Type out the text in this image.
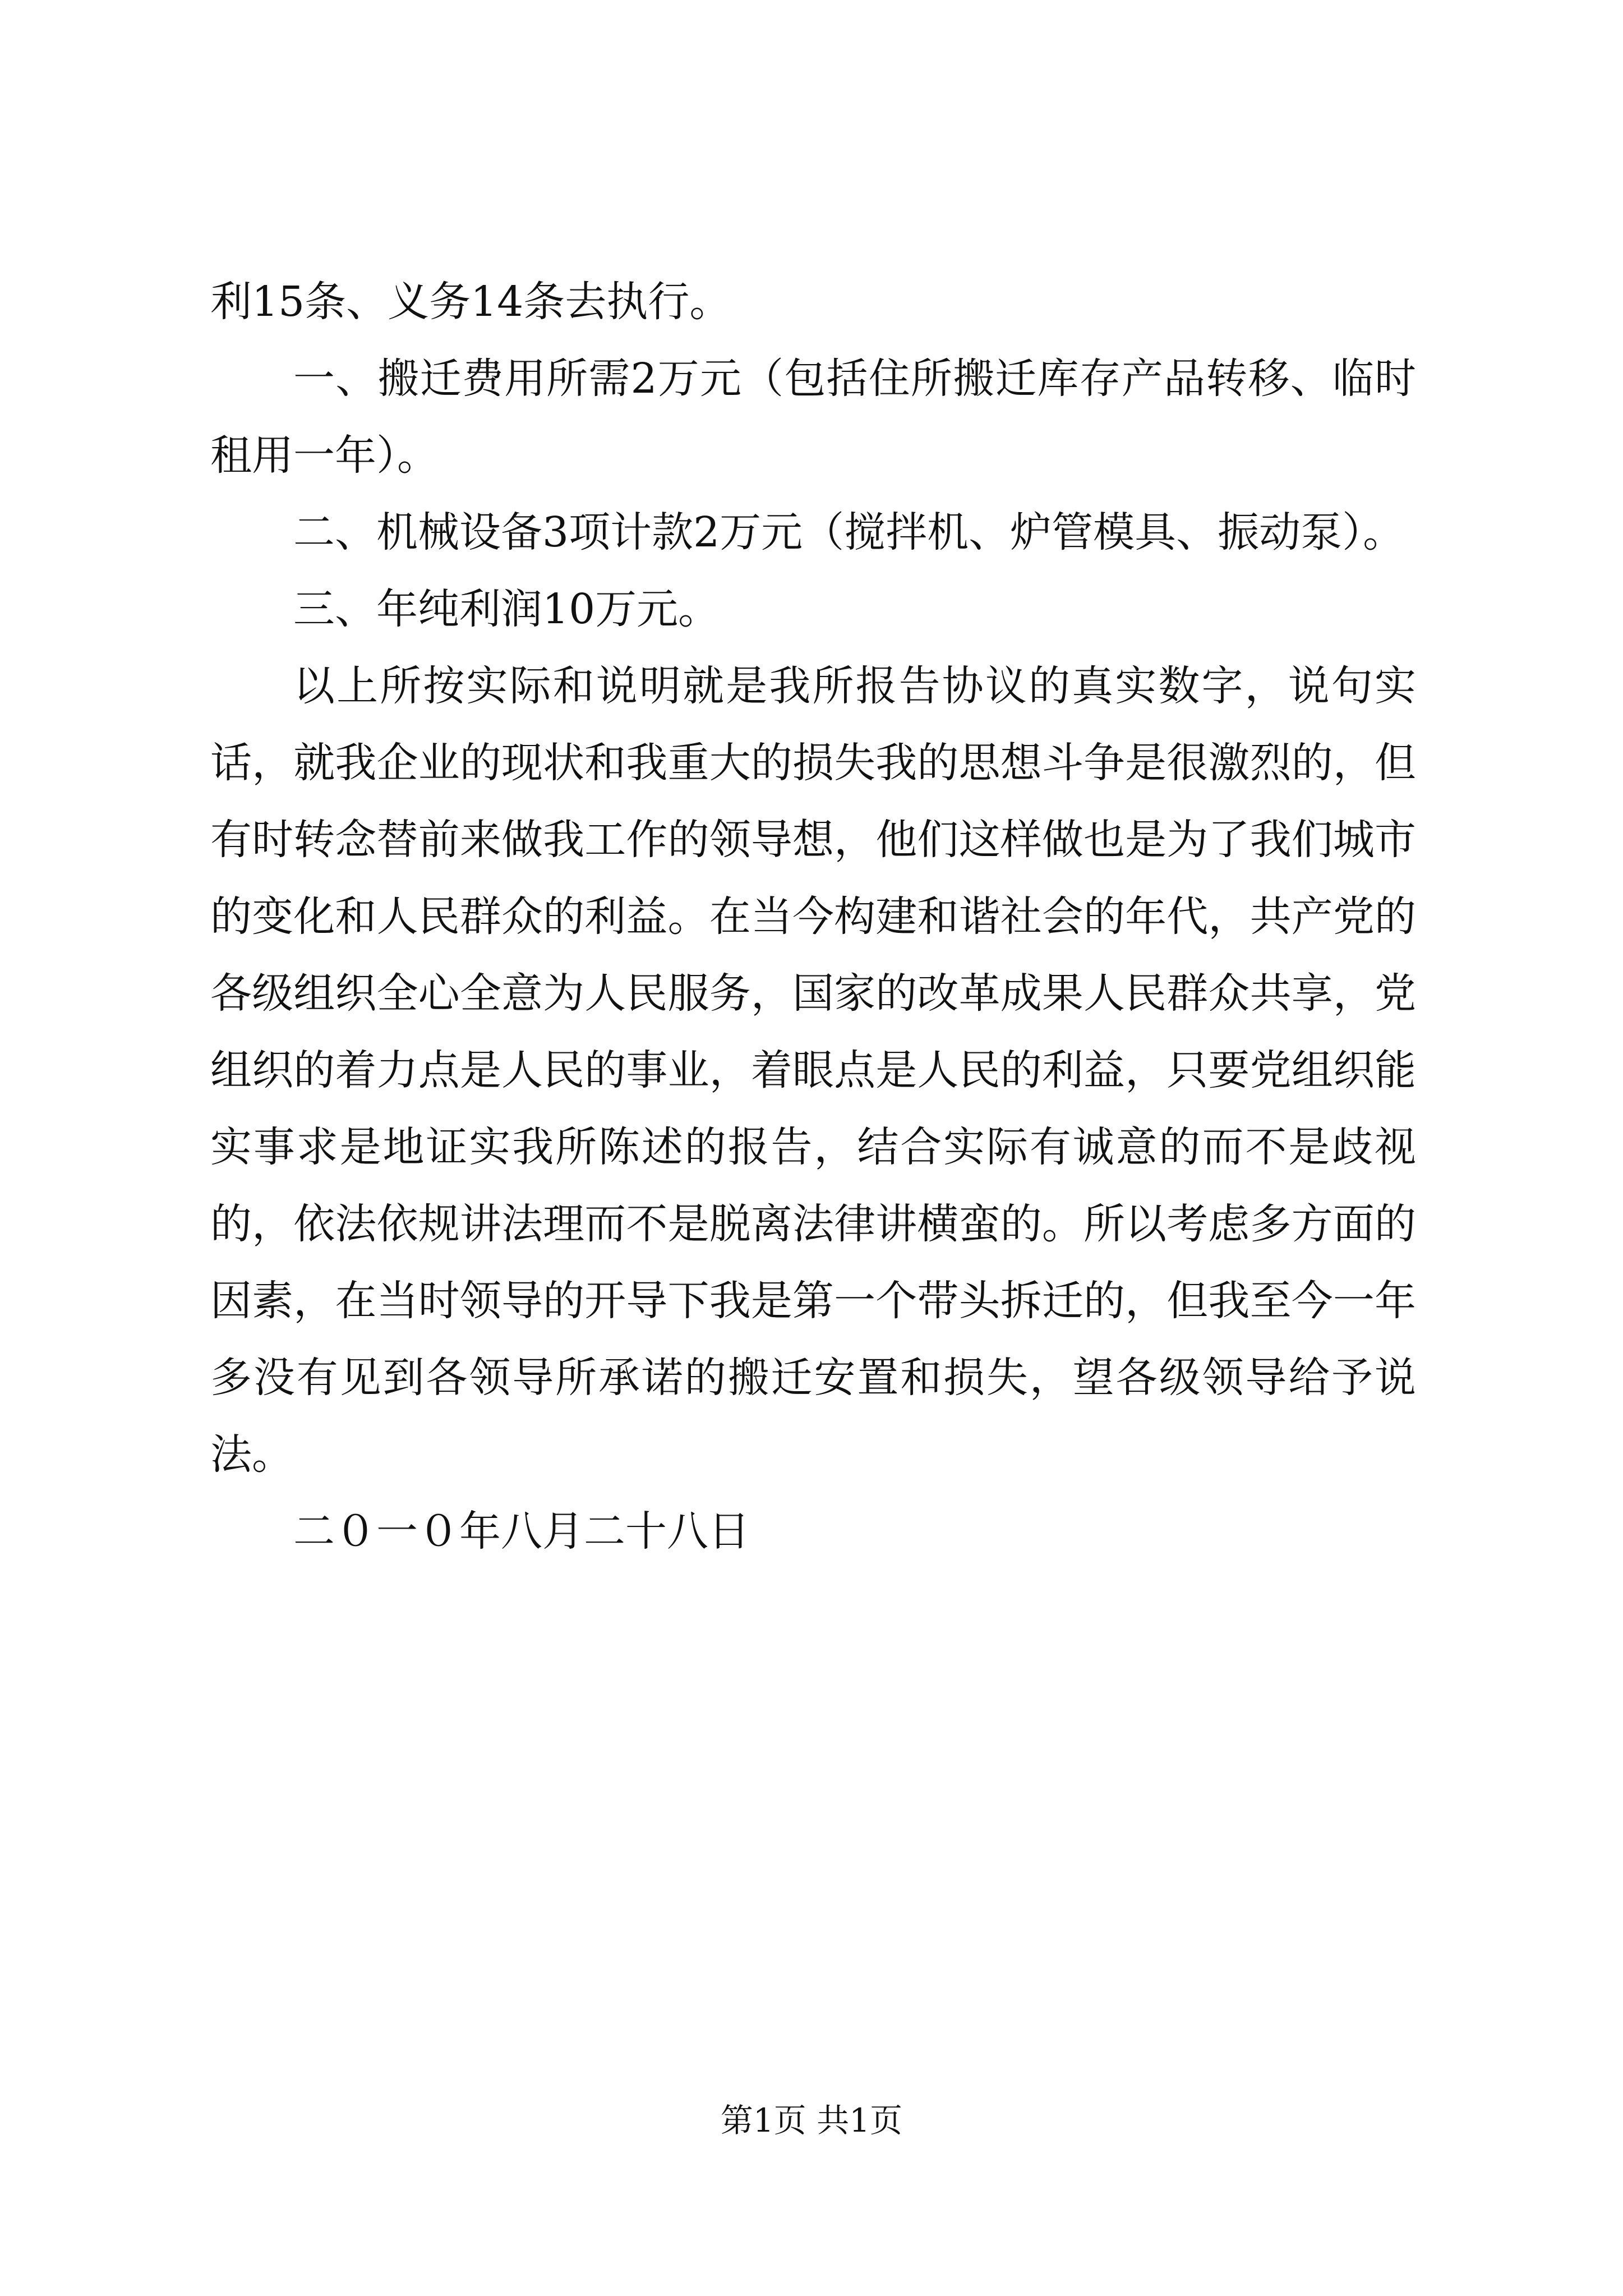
利15条、义务14条去执行。

一、搬迁费用所需2万元（包括住所搬迁库存产品转移、临时租用一年）。

二、机械设备3项计款2万元（搅拌机、炉管模具、振动泵）。

三、年纯利润10万元。

以上所按实际和说明就是我所报告协议的真实数字，说句实话，就我企业的现状和我重大的损失我的思想斗争是很激烈的，但有时转念替前来做我工作的领导想，他们这样做也是为了我们城市的变化和人民群众的利益。在当今构建和谐社会的年代，共产党的各级组织全心全意为人民服务，国家的改革成果人民群众共享，党组织的着力点是人民的事业，着眼点是人民的利益，只要党组织能实事求是地证实我所陈述的报告，结合实际有诚意的而不是歧视的，依法依规讲法理而不是脱离法律讲横蛮的。所以考虑多方面的因素，在当时领导的开导下我是第一个带头拆迁的，但我至今一年多没有见到各领导所承诺的搬迁安置和损失，望各级领导给予说法。

二０一０年八月二十八日

第1页 共1页
